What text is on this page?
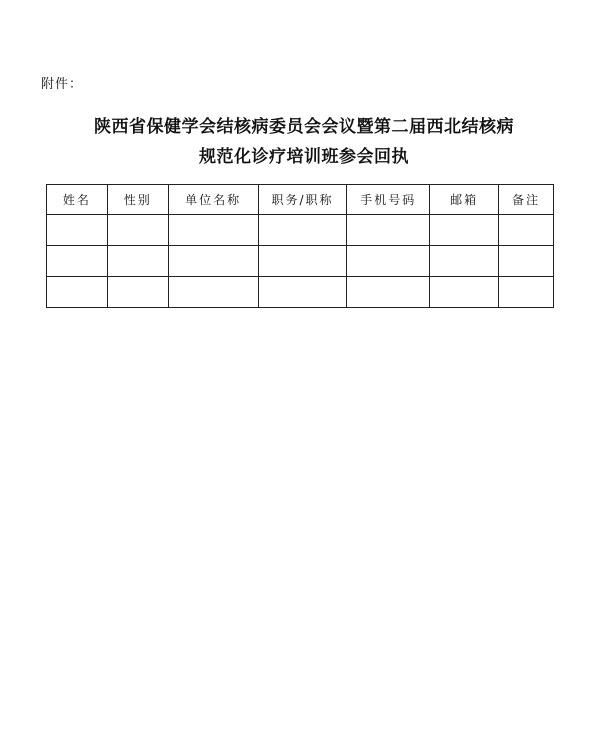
附件：
陕西省保健学会结核病委员会会议暨第二届西北结核病
规范化诊疗培训班参会回执
姓名	性别	单位名称	职务/职称	手机号码	邮箱	备注
